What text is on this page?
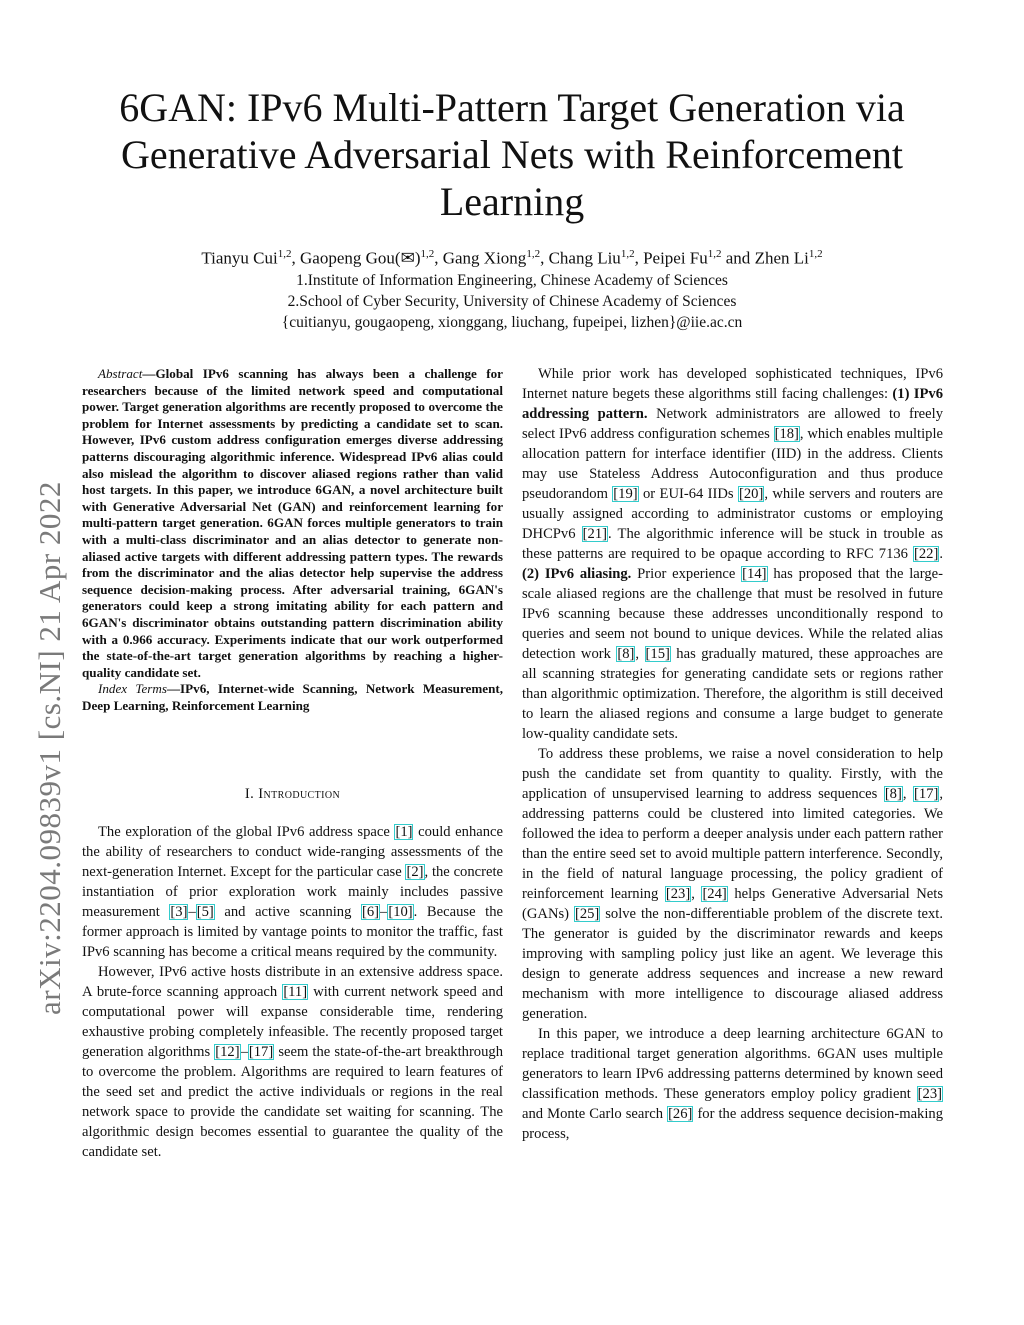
arXiv:2204.09839v1 [cs.NI] 21 Apr 2022
6GAN: IPv6 Multi-Pattern Target Generation via
Generative Adversarial Nets with Reinforcement
Learning
Tianyu Cui$^{1,2}$, Gaopeng Gou(✉)$^{1,2}$, Gang Xiong$^{1,2}$, Chang Liu$^{1,2}$, Peipei Fu$^{1,2}$ and Zhen Li$^{1,2}$
1.Institute of Information Engineering, Chinese Academy of Sciences
2.School of Cyber Security, University of Chinese Academy of Sciences
{cuitianyu, gougaopeng, xionggang, liuchang, fupeipei, lizhen}@iie.ac.cn

Abstract—Global IPv6 scanning has always been a challenge for researchers because of the limited network speed and computational power. Target generation algorithms are recently proposed to overcome the problem for Internet assessments by predicting a candidate set to scan. However, IPv6 custom address configuration emerges diverse addressing patterns discouraging algorithmic inference. Widespread IPv6 alias could also mislead the algorithm to discover aliased regions rather than valid host targets. In this paper, we introduce 6GAN, a novel architecture built with Generative Adversarial Net (GAN) and reinforcement learning for multi-pattern target generation. 6GAN forces multiple generators to train with a multi-class discriminator and an alias detector to generate non-aliased active targets with different addressing pattern types. The rewards from the discriminator and the alias detector help supervise the address sequence decision-making process. After adversarial training, 6GAN's generators could keep a strong imitating ability for each pattern and 6GAN's discriminator obtains outstanding pattern discrimination ability with a 0.966 accuracy. Experiments indicate that our work outperformed the state-of-the-art target generation algorithms by reaching a higher-quality candidate set.

Index Terms—IPv6, Internet-wide Scanning, Network Measurement, Deep Learning, Reinforcement Learning

I. Introduction

The exploration of the global IPv6 address space [1] could enhance the ability of researchers to conduct wide-ranging assessments of the next-generation Internet. Except for the particular case [2], the concrete instantiation of prior exploration work mainly includes passive measurement [3]–[5] and active scanning [6]–[10]. Because the former approach is limited by vantage points to monitor the traffic, fast IPv6 scanning has become a critical means required by the community.

However, IPv6 active hosts distribute in an extensive address space. A brute-force scanning approach [11] with current network speed and computational power will expanse considerable time, rendering exhaustive probing completely infeasible. The recently proposed target generation algorithms [12]–[17] seem the state-of-the-art breakthrough to overcome the problem. Algorithms are required to learn features of the seed set and predict the active individuals or regions in the real network space to provide the candidate set waiting for scanning. The algorithmic design becomes essential to guarantee the quality of the candidate set.

While prior work has developed sophisticated techniques, IPv6 Internet nature begets these algorithms still facing challenges: (1) IPv6 addressing pattern. Network administrators are allowed to freely select IPv6 address configuration schemes [18], which enables multiple allocation pattern for interface identifier (IID) in the address. Clients may use Stateless Address Autoconfiguration and thus produce pseudorandom [19] or EUI-64 IIDs [20], while servers and routers are usually assigned according to administrator customs or employing DHCPv6 [21]. The algorithmic inference will be stuck in trouble as these patterns are required to be opaque according to RFC 7136 [22]. (2) IPv6 aliasing. Prior experience [14] has proposed that the large-scale aliased regions are the challenge that must be resolved in future IPv6 scanning because these addresses unconditionally respond to queries and seem not bound to unique devices. While the related alias detection work [8], [15] has gradually matured, these approaches are all scanning strategies for generating candidate sets or regions rather than algorithmic optimization. Therefore, the algorithm is still deceived to learn the aliased regions and consume a large budget to generate low-quality candidate sets.

To address these problems, we raise a novel consideration to help push the candidate set from quantity to quality. Firstly, with the application of unsupervised learning to address sequences [8], [17], addressing patterns could be clustered into limited categories. We followed the idea to perform a deeper analysis under each pattern rather than the entire seed set to avoid multiple pattern interference. Secondly, in the field of natural language processing, the policy gradient of reinforcement learning [23], [24] helps Generative Adversarial Nets (GANs) [25] solve the non-differentiable problem of the discrete text. The generator is guided by the discriminator rewards and keeps improving with sampling policy just like an agent. We leverage this design to generate address sequences and increase a new reward mechanism with more intelligence to discourage aliased address generation.

In this paper, we introduce a deep learning architecture 6GAN to replace traditional target generation algorithms. 6GAN uses multiple generators to learn IPv6 addressing patterns determined by known seed classification methods. These generators employ policy gradient [23] and Monte Carlo search [26] for the address sequence decision-making process,
